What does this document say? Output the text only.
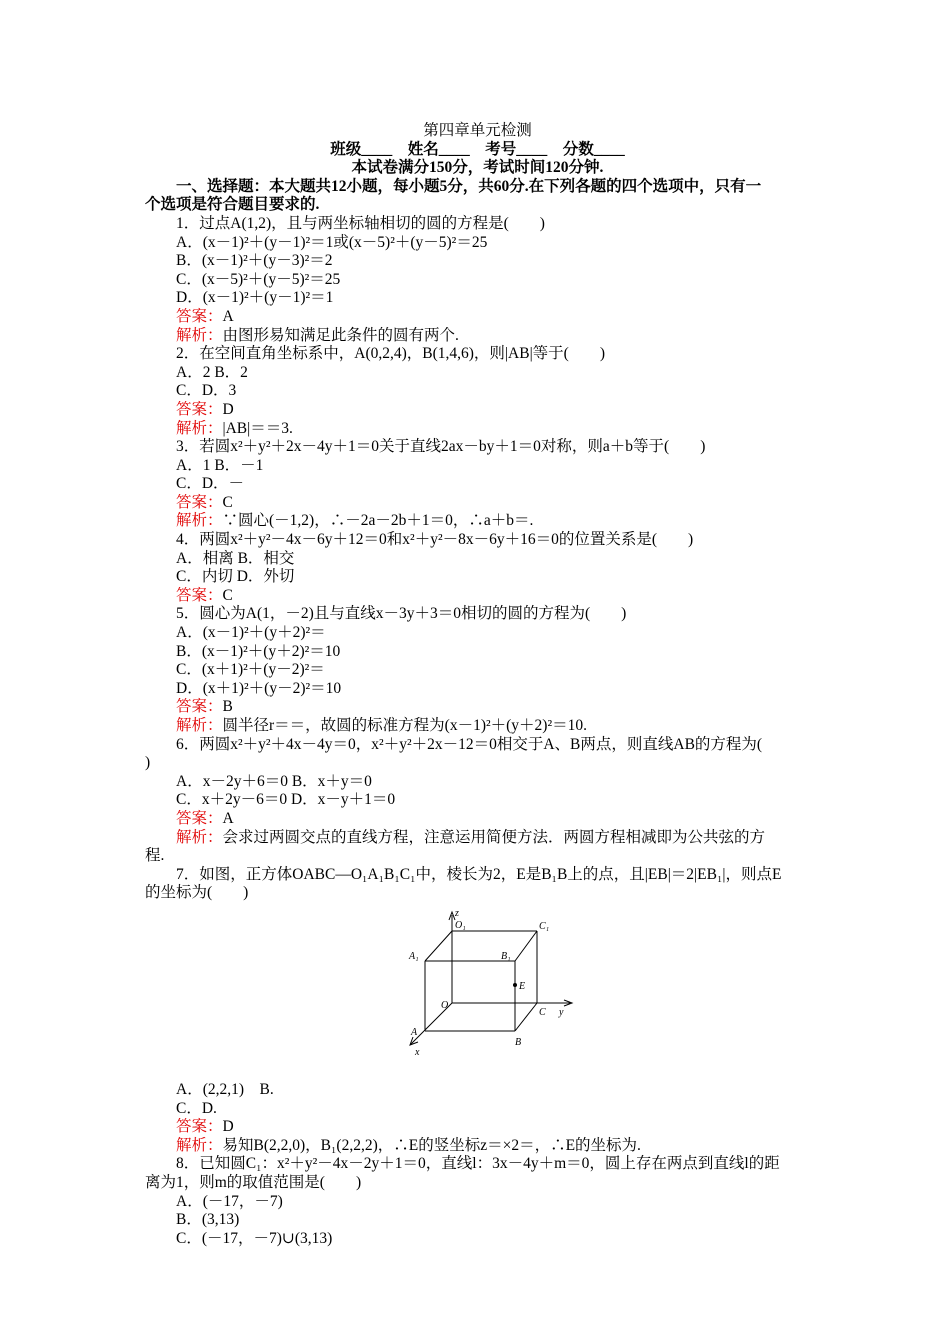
第四章单元检测
班级____　姓名____　考号____　分数____
本试卷满分150分，考试时间120分钟.
一、选择题：本大题共12小题，每小题5分，共60分.在下列各题的四个选项中，只有一
个选项是符合题目要求的.
1．过点A(1,2)，且与两坐标轴相切的圆的方程是(　　)
A．(x－1)²＋(y－1)²＝1或(x－5)²＋(y－5)²＝25
B．(x－1)²＋(y－3)²＝2
C．(x－5)²＋(y－5)²＝25
D．(x－1)²＋(y－1)²＝1
答案：A
解析：由图形易知满足此条件的圆有两个.
2．在空间直角坐标系中，A(0,2,4)，B(1,4,6)，则|AB|等于(　　)
A．2 B．2
C．D．3
答案：D
解析：|AB|＝＝3.
3．若圆x²＋y²＋2x－4y＋1＝0关于直线2ax－by＋1＝0对称，则a＋b等于(　　)
A．1 B．－1
C．D．－
答案：C
解析：∵圆心(－1,2)，∴－2a－2b＋1＝0，∴a＋b＝.
4．两圆x²＋y²－4x－6y＋12＝0和x²＋y²－8x－6y＋16＝0的位置关系是(　　)
A．相离 B．相交
C．内切 D．外切
答案：C
5．圆心为A(1，－2)且与直线x－3y＋3＝0相切的圆的方程为(　　)
A．(x－1)²＋(y＋2)²＝
B．(x－1)²＋(y＋2)²＝10
C．(x＋1)²＋(y－2)²＝
D．(x＋1)²＋(y－2)²＝10
答案：B
解析：圆半径r＝＝，故圆的标准方程为(x－1)²＋(y＋2)²＝10.
6．两圆x²＋y²＋4x－4y＝0，x²＋y²＋2x－12＝0相交于A、B两点，则直线AB的方程为(
)
A．x－2y＋6＝0 B．x＋y＝0
C．x＋2y－6＝0 D．x－y＋1＝0
答案：A
解析：会求过两圆交点的直线方程，注意运用简便方法．两圆方程相减即为公共弦的方
程.
7．如图，正方体OABC—O₁A₁B₁C₁中，棱长为2，E是B₁B上的点，且|EB|＝2|EB₁|，则点E
的坐标为(　　)
z
O₁	C₁
A₁	B₁
E
O
C y
A
B
x
A．(2,2,1)　B.
C．D.
答案：D
解析：易知B(2,2,0)，B₁(2,2,2)，∴E的竖坐标z＝×2＝，∴E的坐标为.
8．已知圆C₁：x²＋y²－4x－2y＋1＝0，直线l：3x－4y＋m＝0，圆上存在两点到直线l的距
离为1，则m的取值范围是(　　)
A．(－17，－7)
B．(3,13)
C．(－17，－7)∪(3,13)
